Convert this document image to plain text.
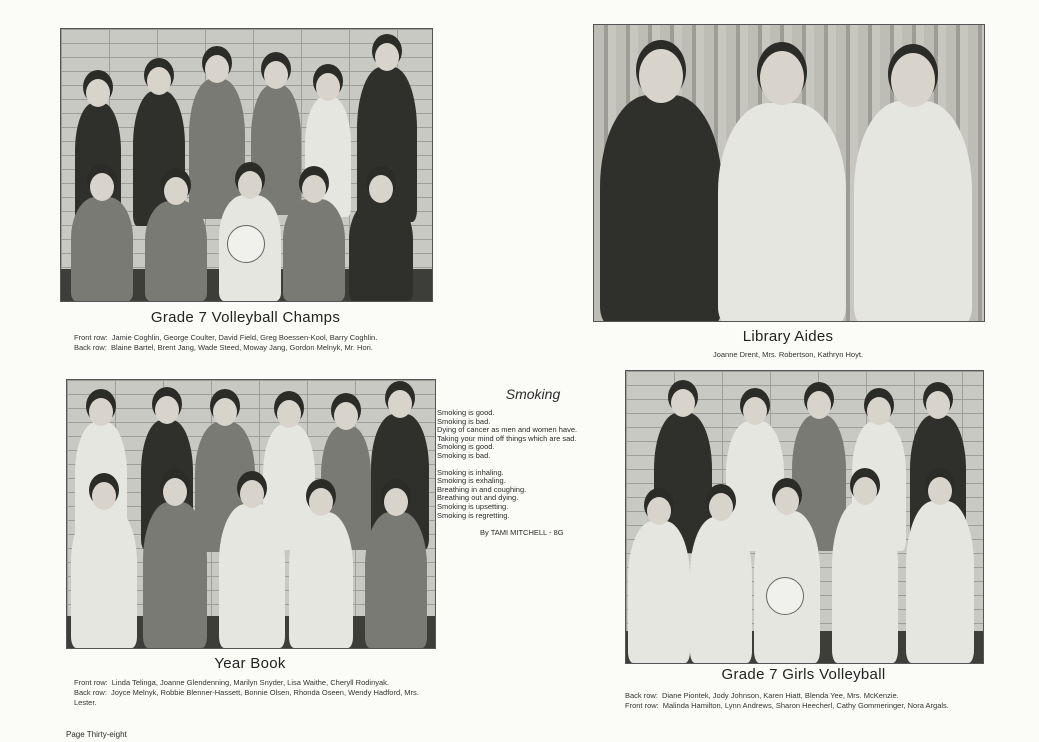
Grade 7 Volleyball Champs
Front row: Jamie Coghlin, George Coulter, David Field, Greg Boessen-Kool, Barry Coghlin.
Back row: Blaine Bartel, Brent Jang, Wade Steed, Moway Jang, Gordon Melnyk, Mr. Hori.
Library Aides
Joanne Drent, Mrs. Robertson, Kathryn Hoyt.
Year Book
Front row: Linda Telinga, Joanne Glendenning, Marilyn Snyder, Lisa Waithe, Cheryll Rodinyak.
Back row: Joyce Melnyk, Robbie Blenner-Hassett, Bonnie Olsen, Rhonda Oseen, Wendy Hadford, Mrs. Lester.
Smoking
Smoking is good.
Smoking is bad.
Dying of cancer as men and women have.
Taking your mind off things which are sad.
Smoking is good.
Smoking is bad.
Smoking is inhaling.
Smoking is exhaling.
Breathing in and coughing.
Breathing out and dying.
Smoking is upsetting.
Smoking is regretting.
By TAMI MITCHELL - 8G
Grade 7 Girls Volleyball
Back row: Diane Piontek, Jody Johnson, Karen Hiatt, Blenda Yee, Mrs. McKenzie.
Front row: Malinda Hamilton, Lynn Andrews, Sharon Heecherl, Cathy Gommeringer, Nora Argals.
Page Thirty-eight
